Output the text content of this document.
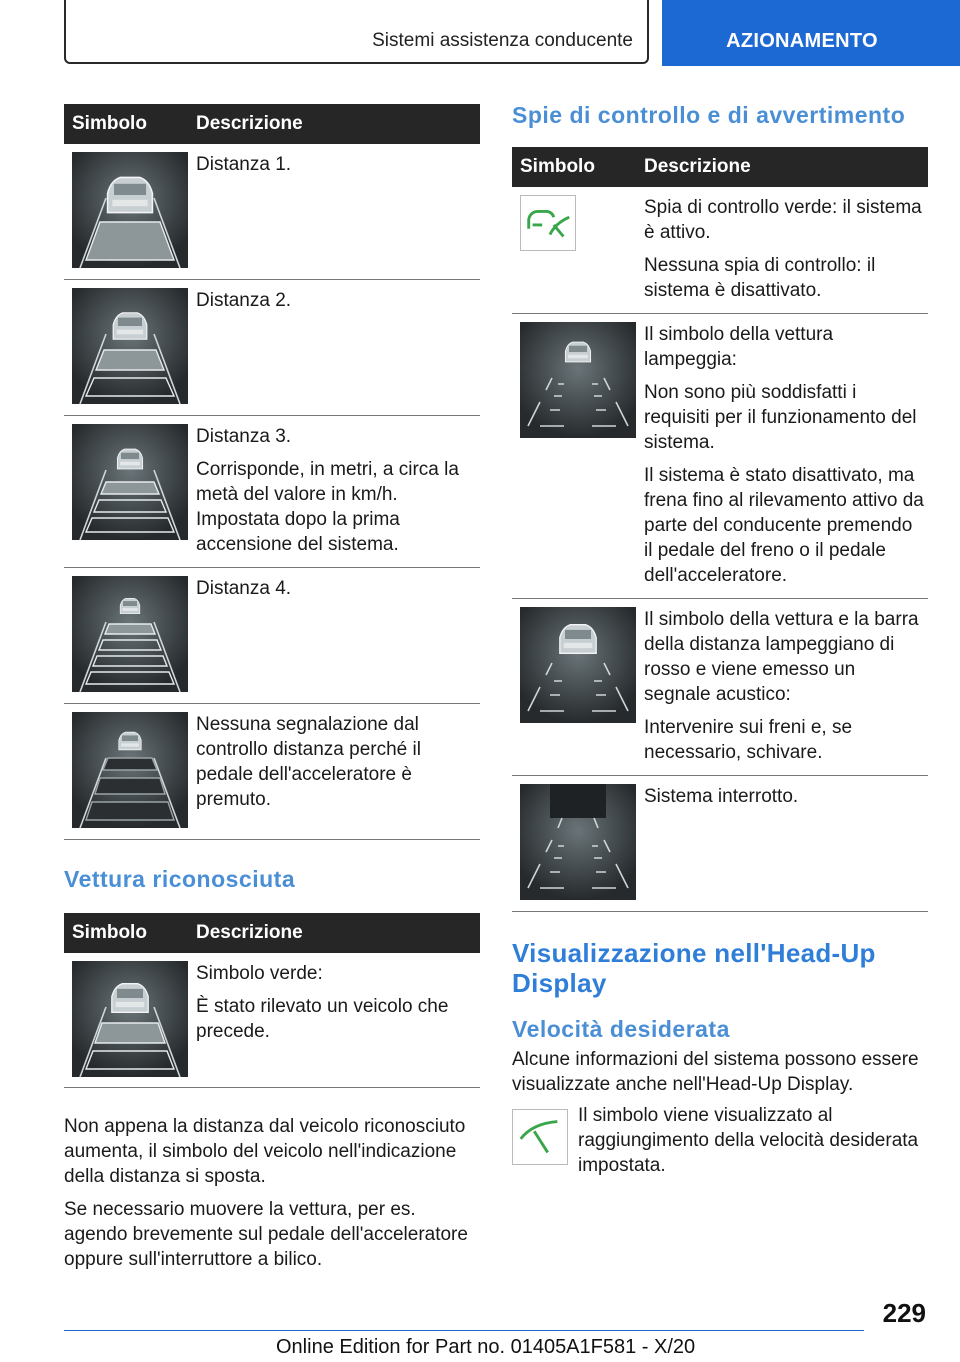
Sistemi assistenza conducente	AZIONAMENTO
Simbolo	Descrizione

Distanza 1.

Distanza 2.

Distanza 3.

Corrisponde, in metri, a circa la metà del valore in km/h. Impostata dopo la prima accensione del sistema.

Distanza 4.

Nessuna segnalazione dal controllo distanza perché il pedale dell'acceleratore è premuto.

Vettura riconosciuta
Simbolo	Descrizione

Simbolo verde:

È stato rilevato un veicolo che precede.

Non appena la distanza dal veicolo riconosciuto aumenta, il simbolo del veicolo nell'indicazione della distanza si sposta.

Se necessario muovere la vettura, per es. agendo brevemente sul pedale dell'acceleratore oppure sull'interruttore a bilico.

Spie di controllo e di avvertimento
Simbolo	Descrizione

Spia di controllo verde: il sistema è attivo.

Nessuna spia di controllo: il sistema è disattivato.

Il simbolo della vettura lampeggia:

Non sono più soddisfatti i requisiti per il funzionamento del sistema.

Il sistema è stato disattivato, ma frena fino al rilevamento attivo da parte del conducente premendo il pedale del freno o il pedale dell'acceleratore.

Il simbolo della vettura e la barra della distanza lampeggiano di rosso e viene emesso un segnale acustico:

Intervenire sui freni e, se necessario, schivare.

Sistema interrotto.

Visualizzazione nell'Head-Up Display
Velocità desiderata

Alcune informazioni del sistema possono essere visualizzate anche nell'Head-Up Display.

Il simbolo viene visualizzato al raggiungimento della velocità desiderata impostata.

229
Online Edition for Part no. 01405A1F581 - X/20
